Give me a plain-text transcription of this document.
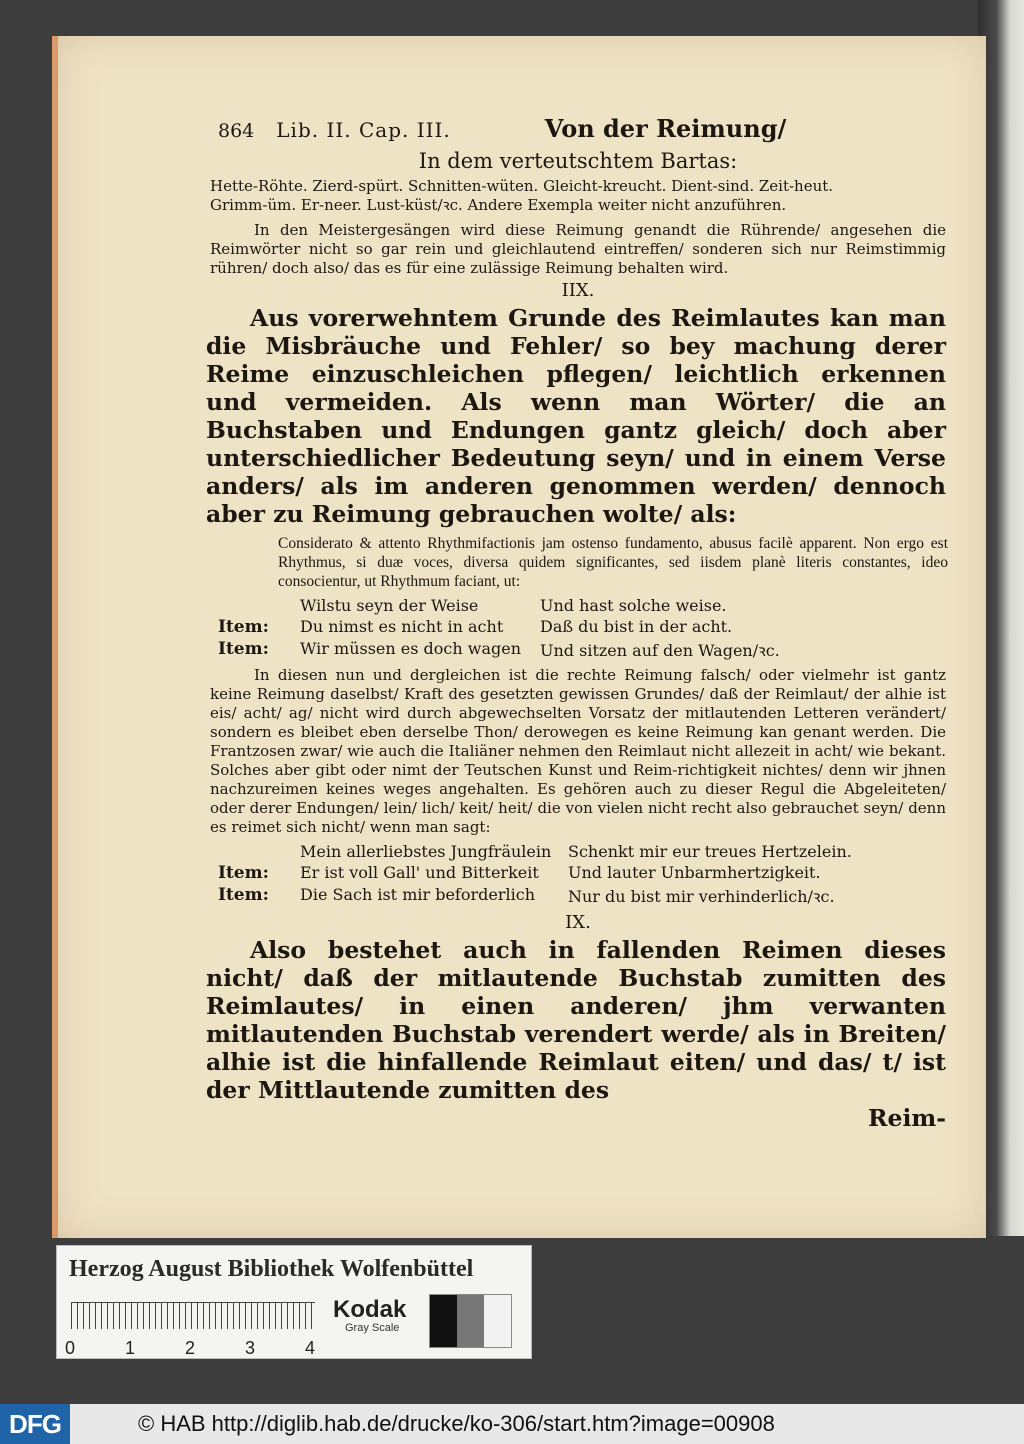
864 Lib. II. Cap. III.	Von der Reimung/
In dem verteutschtem Bartas:

Hette-Röhte. Zierd-spürt. Schnitten-wüten. Gleicht-kreucht. Dient-sind. Zeit-heut.

Grimm-üm. Er-neer. Lust-küst/ꝛc. Andere Exempla weiter nicht anzuführen.

In den Meistergesängen wird diese Reimung genandt die Rührende/ angesehen die Reimwörter nicht so gar rein und gleichlautend eintreffen/ sonderen sich nur Reimstimmig rühren/ doch also/ das es für eine zulässige Reimung behalten wird.

IIX.

Aus vorerwehntem Grunde des Reimlautes kan man die Misbräuche und Fehler/ so bey machung derer Reime einzuschleichen pflegen/ leichtlich erkennen und vermeiden. Als wenn man Wörter/ die an Buchstaben und Endungen gantz gleich/ doch aber unterschiedlicher Bedeutung seyn/ und in einem Verse anders/ als im anderen genommen werden/ dennoch aber zu Reimung gebrauchen wolte/ als:

Considerato & attento Rhythmifactionis jam ostenso fundamento, abusus facilè apparent. Non ergo est Rhythmus, si duæ voces, diversa quidem significantes, sed iisdem planè literis constantes, ideo consocientur, ut Rhythmum faciant, ut:
	Wilstu seyn der Weise	Und hast solche weise.
Item:	Du nimst es nicht in acht	Daß du bist in der acht.
Item:	Wir müssen es doch wagen	Und sitzen auf den Wagen/ꝛc.

In diesen nun und dergleichen ist die rechte Reimung falsch/ oder vielmehr ist gantz keine Reimung daselbst/ Kraft des gesetzten gewissen Grundes/ daß der Reimlaut/ der alhie ist eis/ acht/ ag/ nicht wird durch abgewechselten Vorsatz der mitlautenden Letteren verändert/ sondern es bleibet eben derselbe Thon/ derowegen es keine Reimung kan genant werden. Die Frantzosen zwar/ wie auch die Italiäner nehmen den Reimlaut nicht allezeit in acht/ wie bekant. Solches aber gibt oder nimt der Teutschen Kunst und Reim-richtigkeit nichtes/ denn wir jhnen nachzureimen keines weges angehalten. Es gehören auch zu dieser Regul die Abgeleiteten/ oder derer Endungen/ lein/ lich/ keit/ heit/ die von vielen nicht recht also gebrauchet seyn/ denn es reimet sich nicht/ wenn man sagt:

	Mein allerliebstes Jungfräulein	Schenkt mir eur treues Hertzelein.
Item:	Er ist voll Gall' und Bitterkeit	Und lauter Unbarmhertzigkeit.
Item:	Die Sach ist mir beforderlich	Nur du bist mir verhinderlich/ꝛc.
IX.

Also bestehet auch in fallenden Reimen dieses nicht/ daß der mitlautende Buchstab zumitten des Reimlautes/ in einen anderen/ jhm verwanten mitlautenden Buchstab verendert werde/ als in Breiten/ alhie ist die hinfallende Reimlaut eiten/ und das/ t/ ist der Mittlautende zumitten des

Reim-

Herzog August Bibliothek Wolfenbüttel
0	1	2	3	4
Kodak
Gray Scale
DFG	© HAB http://diglib.hab.de/drucke/ko-306/start.htm?image=00908
